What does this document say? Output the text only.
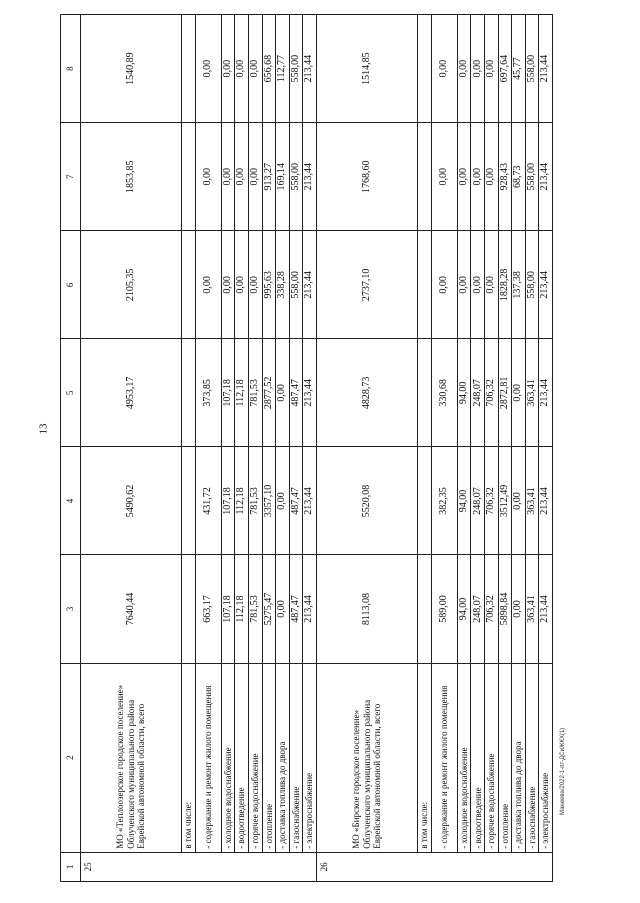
13
1	2	3	4	5	6	7	8
25	МО «Теплоозерское городское поселение» Облученского муниципального района Еврейской автономной области, всего	7640,44	5490,62	4953,17	2105,35	1853,85	1540,89
	в том числе:						
	- содержание и ремонт жилого помещения	663,17	431,72	373,85	0,00	0,00	0,00
	- холодное водоснабжение	107,18	107,18	107,18	0,00	0,00	0,00
	- водоотведение	112,18	112,18	112,18	0,00	0,00	0,00
	- горячее водоснабжение	781,53	781,53	781,53	0,00	0,00	0,00
	- отопление	5275,47	3357,10	2877,52	995,63	913,27	656,68
	- доставка топлива до двора	0,00	0,00	0,00	338,28	169,14	112,77
	- газоснабжение	487,47	487,47	487,47	558,00	558,00	558,00
	- электроснабжение	213,44	213,44	213,44	213,44	213,44	213,44
26	МО «Бирское городское поселение» Облученского муниципального района Еврейской автономной области, всего	8113,08	5520,08	4828,73	2737,10	1768,60	1514,85
	в том числе:						
	- содержание и ремонт жилого помещения	589,00	382,35	330,68	0,00	0,00	0,00
	- холодное водоснабжение	94,00	94,00	94,00	0,00	0,00	0,00
	- водоотведение	248,07	248,07	248,07	0,00	0,00	0,00
	- горячее водоснабжение	706,32	706,32	706,32	0,00	0,00	0,00
	- отопление	5898,84	3512,49	2872,81	1828,28	928,43	697,64
	- доставка топлива до двора	0,00	0,00	0,00	137,38	68,73	45,77
	- газоснабжение	363,41	363,41	363,41	558,00	558,00	558,00
	- электроснабжение	213,44	213,44	213,44	213,44	213,44	213,44
Манеева/2022-1-пт-ДСиЖКХ(1)
